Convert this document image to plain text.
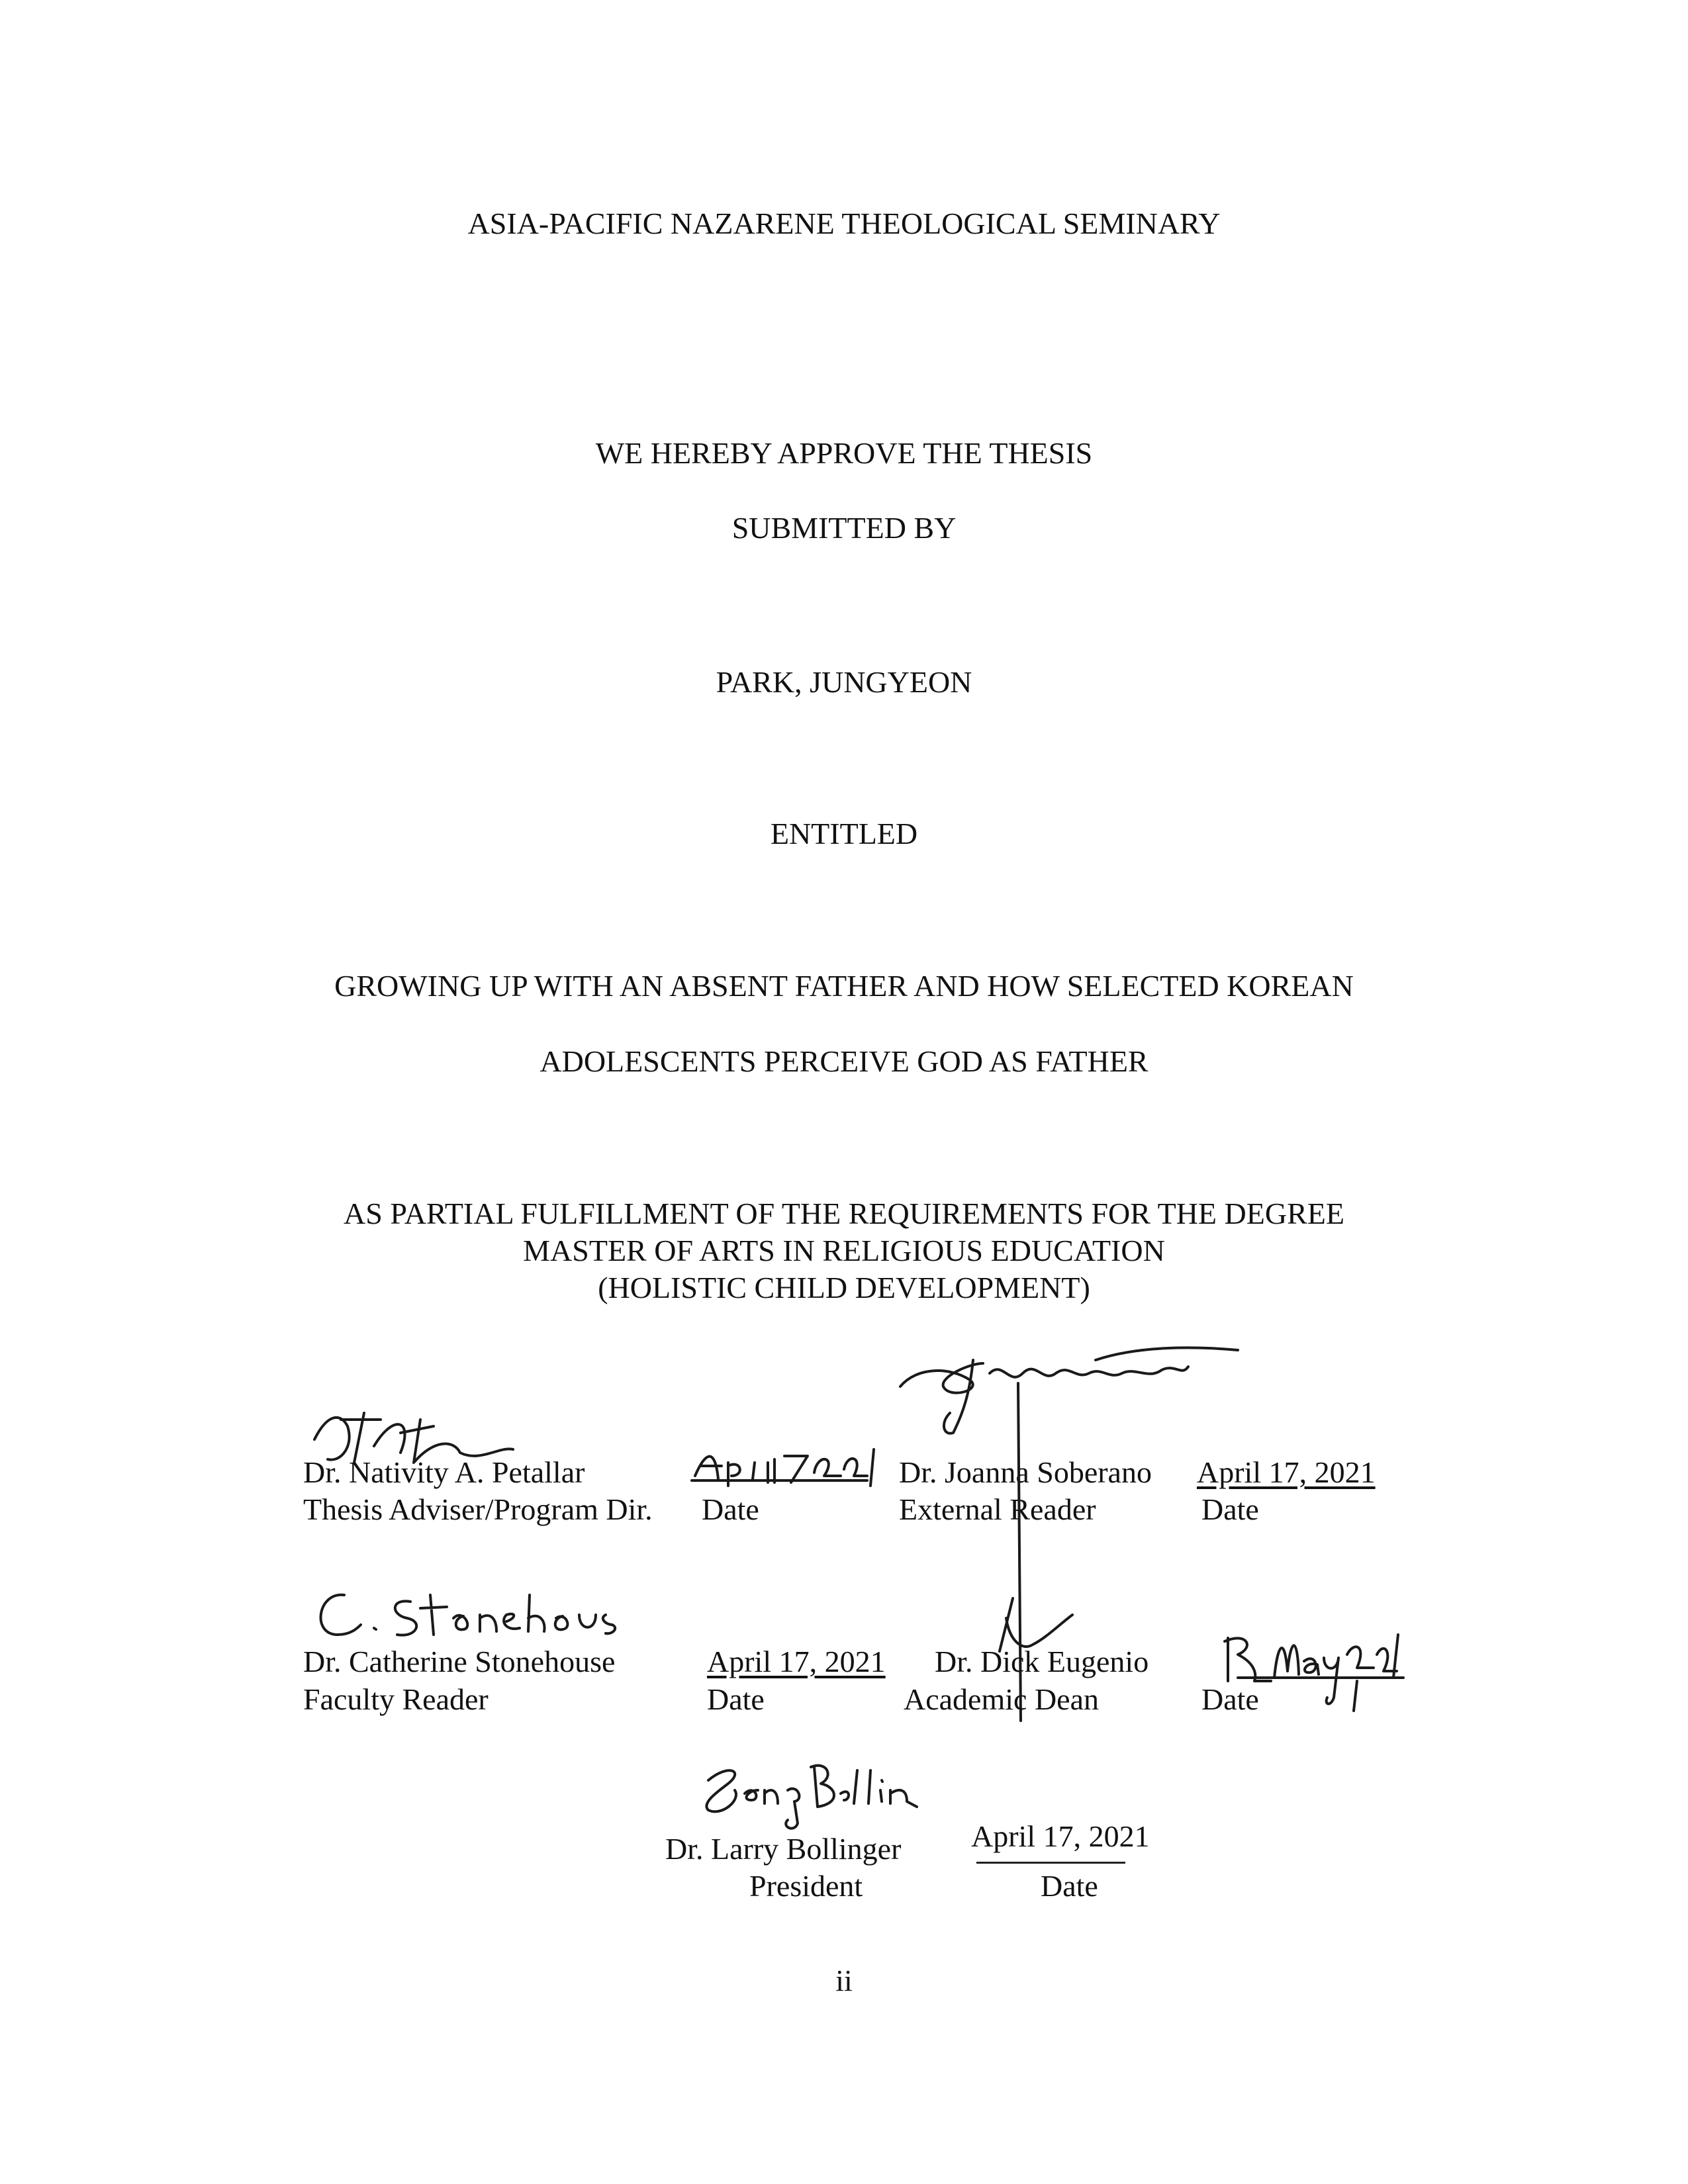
ASIA-PACIFIC NAZARENE THEOLOGICAL SEMINARY
WE HEREBY APPROVE THE THESIS
SUBMITTED BY
PARK, JUNGYEON
ENTITLED
GROWING UP WITH AN ABSENT FATHER AND HOW SELECTED KOREAN
ADOLESCENTS PERCEIVE GOD AS FATHER
AS PARTIAL FULFILLMENT OF THE REQUIREMENTS FOR THE DEGREE
MASTER OF ARTS IN RELIGIOUS EDUCATION
(HOLISTIC CHILD DEVELOPMENT)
Dr. Nativity A. Petallar
Thesis Adviser/Program Dir. Date
Dr. Joanna Soberano
External Reader
April 17, 2021
Date
Dr. Catherine Stonehouse
Faculty Reader
April 17, 2021
Date
Dr. Dick Eugenio
Academic Dean	Date
Dr. Larry Bollinger
President
April 17, 2021
Date
ii
